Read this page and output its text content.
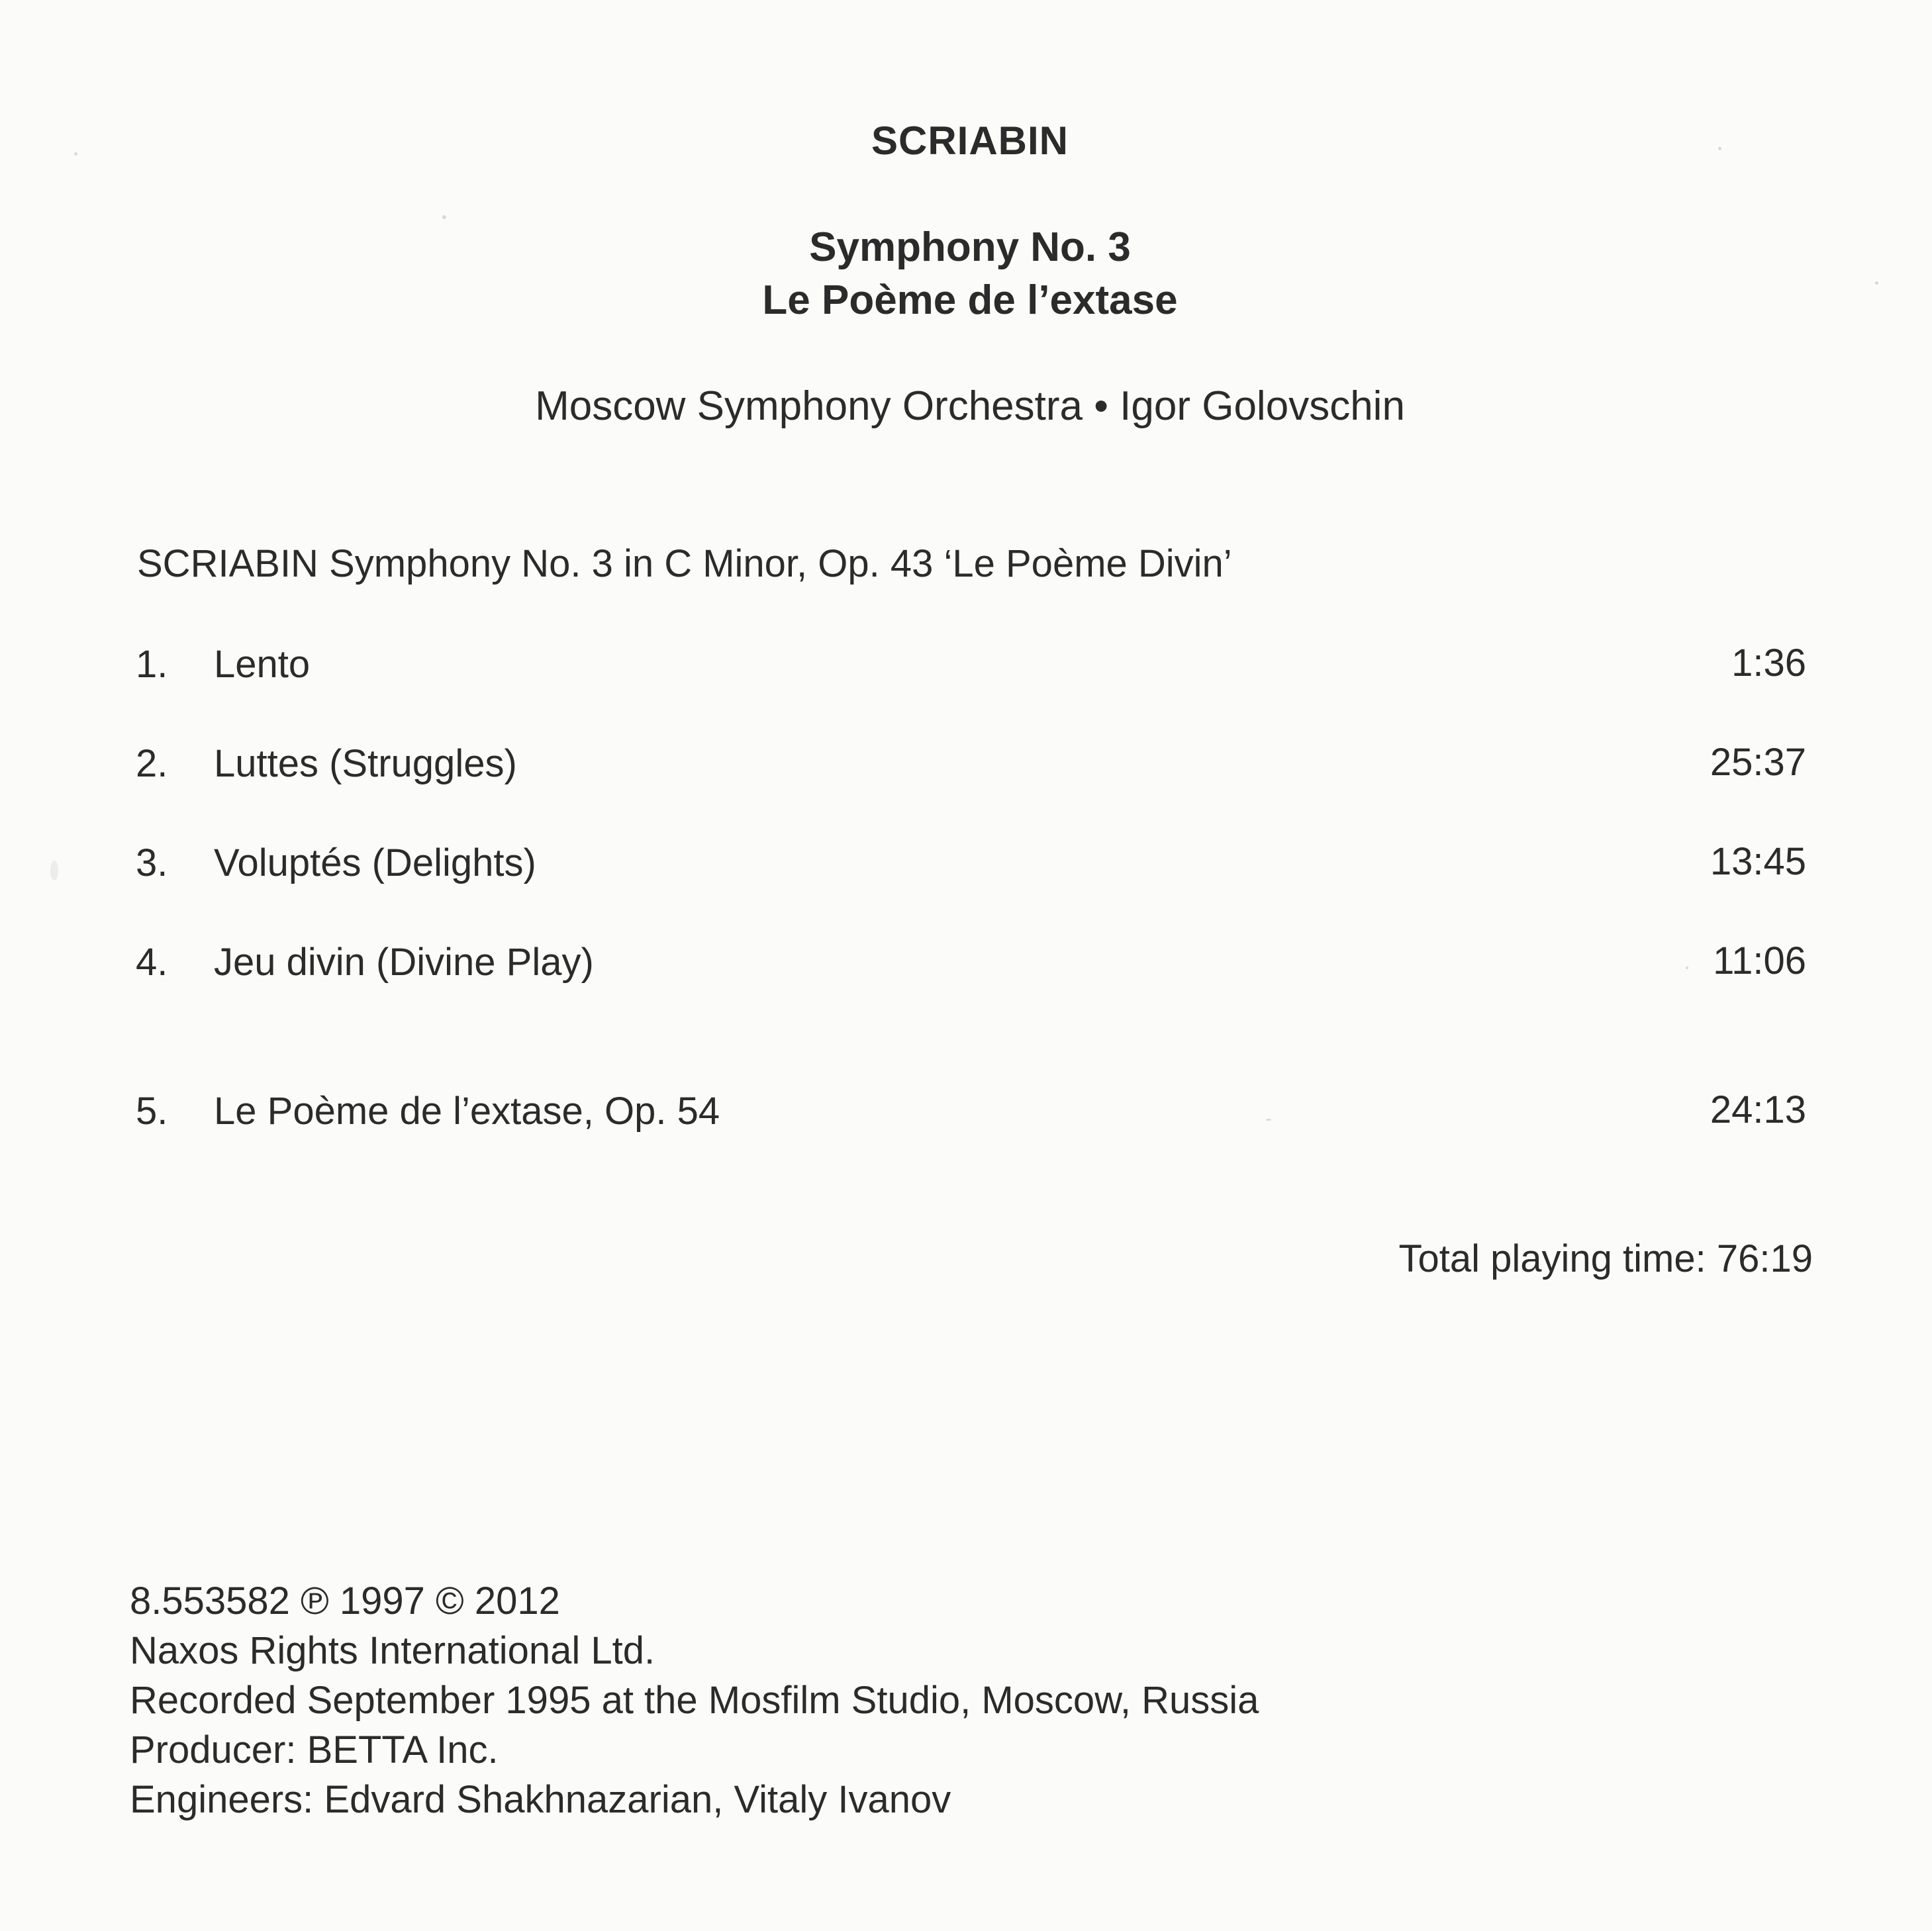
SCRIABIN
Symphony No. 3
Le Poème de l’extase
Moscow Symphony Orchestra • Igor Golovschin
SCRIABIN Symphony No. 3 in C Minor, Op. 43 ‘Le Poème Divin’
1. Lento	1:36
2. Luttes (Struggles)	25:37
3. Voluptés (Delights)	13:45
4. Jeu divin (Divine Play)	11:06
5. Le Poème de l’extase, Op. 54	24:13
Total playing time: 76:19
8.553582 ℗ 1997 © 2012
Naxos Rights International Ltd.
Recorded September 1995 at the Mosfilm Studio, Moscow, Russia
Producer: BETTA Inc.
Engineers: Edvard Shakhnazarian, Vitaly Ivanov
